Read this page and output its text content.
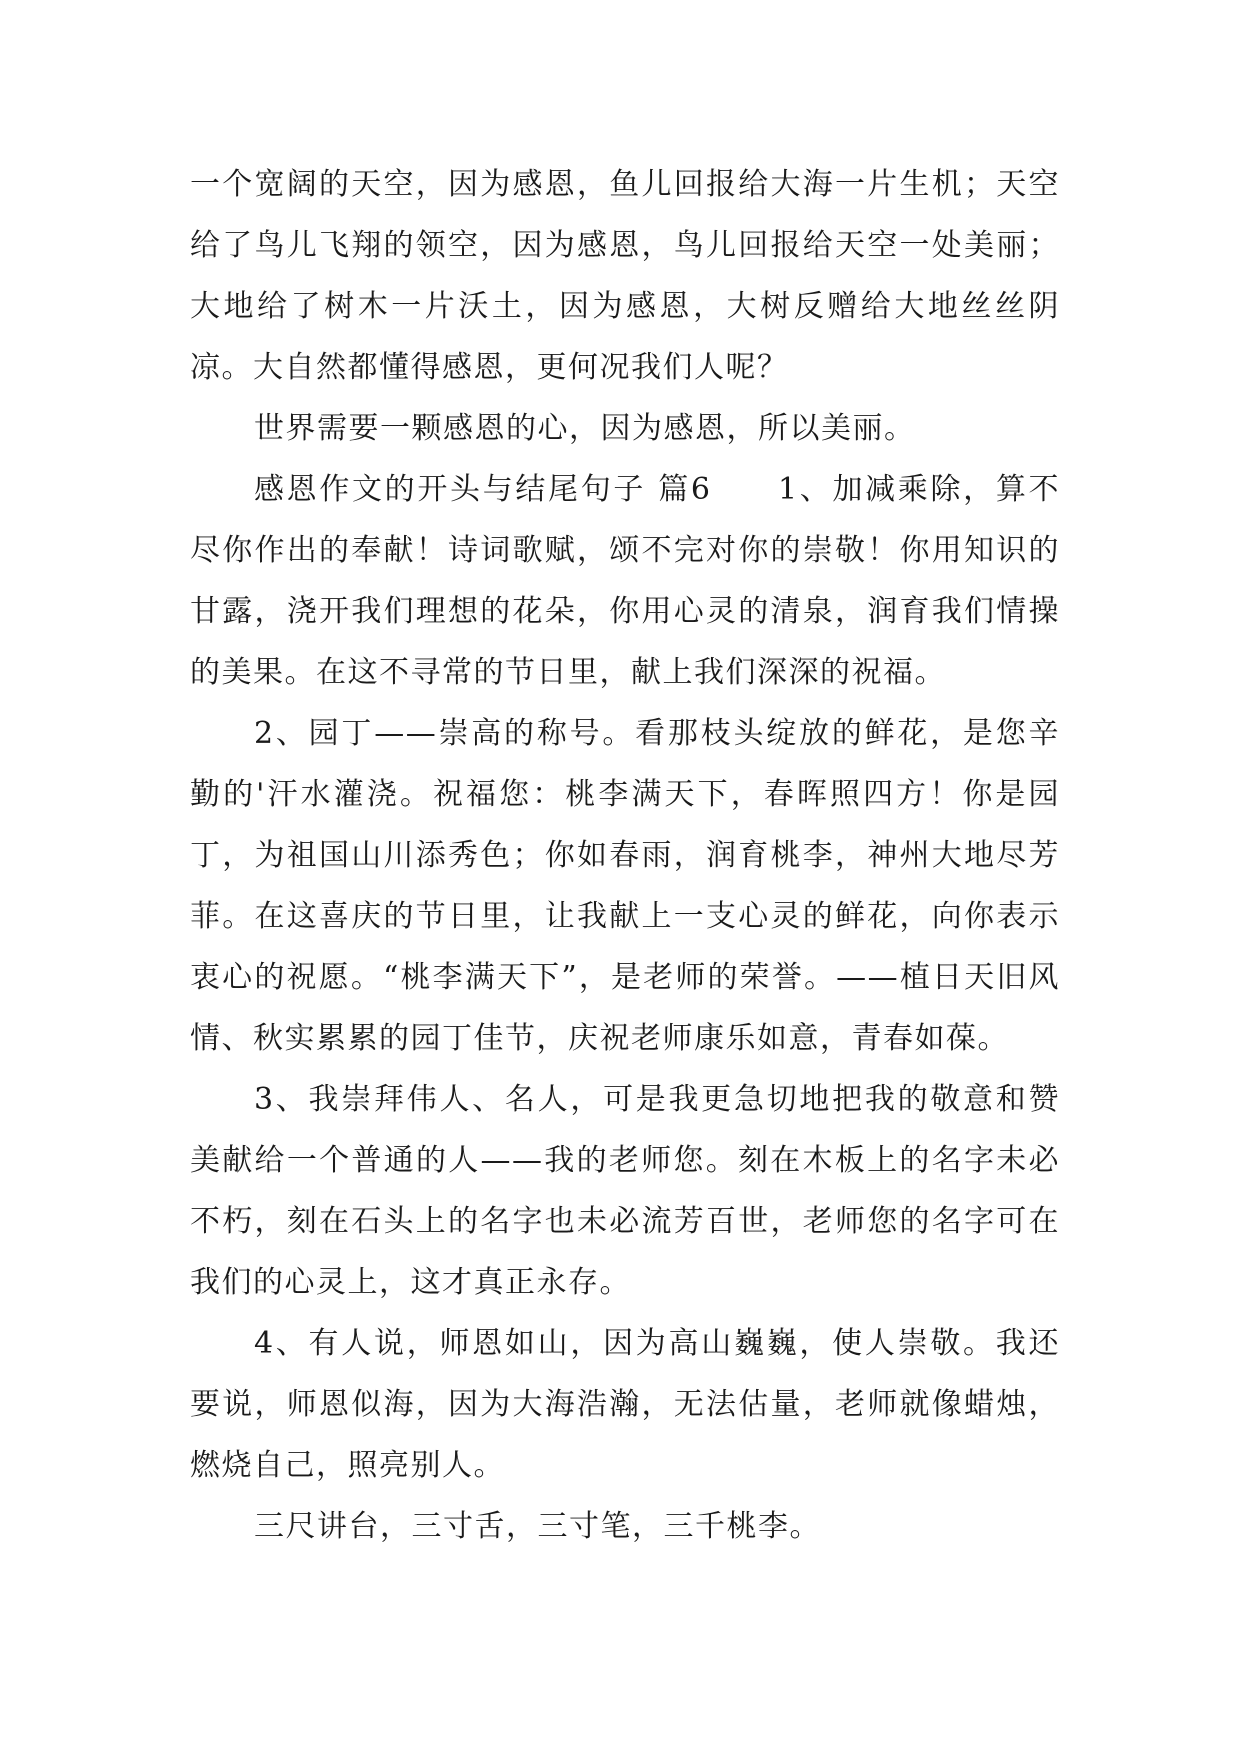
一个宽阔的天空，因为感恩，鱼儿回报给大海一片生机；天空给了鸟儿飞翔的领空，因为感恩，鸟儿回报给天空一处美丽；大地给了树木一片沃土，因为感恩，大树反赠给大地丝丝阴凉。大自然都懂得感恩，更何况我们人呢？

世界需要一颗感恩的心，因为感恩，所以美丽。

感恩作文的开头与结尾句子 篇6　　1、加减乘除，算不尽你作出的奉献！诗词歌赋，颂不完对你的崇敬！你用知识的甘露，浇开我们理想的花朵，你用心灵的清泉，润育我们情操的美果。在这不寻常的节日里，献上我们深深的祝福。

2、园丁——崇高的称号。看那枝头绽放的鲜花，是您辛勤的'汗水灌浇。祝福您：桃李满天下，春晖照四方！你是园丁，为祖国山川添秀色；你如春雨，润育桃李，神州大地尽芳菲。在这喜庆的节日里，让我献上一支心灵的鲜花，向你表示衷心的祝愿。“桃李满天下”，是老师的荣誉。——植日天旧风情、秋实累累的园丁佳节，庆祝老师康乐如意，青春如葆。

3、我崇拜伟人、名人，可是我更急切地把我的敬意和赞美献给一个普通的人——我的老师您。刻在木板上的名字未必不朽，刻在石头上的名字也未必流芳百世，老师您的名字可在我们的心灵上，这才真正永存。

4、有人说，师恩如山，因为高山巍巍，使人崇敬。我还要说，师恩似海，因为大海浩瀚，无法估量，老师就像蜡烛，燃烧自己，照亮别人。

三尺讲台，三寸舌，三寸笔，三千桃李。
